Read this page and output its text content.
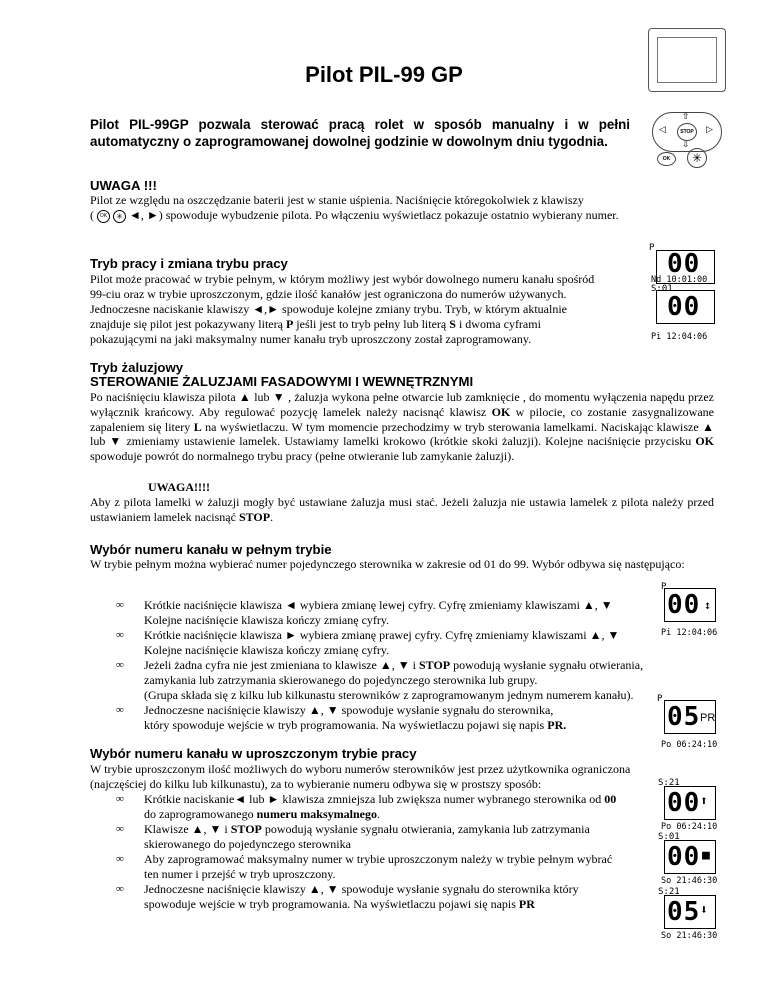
Pilot PIL-99 GP
⇧
⇩
◁	▷
STOP
OK	✳
Pilot PIL-99GP pozwala sterować pracą rolet w sposób manualny i w pełni automatyczny o zaprogramowanej dowolnej godzinie w dowolnym dniu tygodnia.
UWAGA !!!
Pilot ze względu na oszczędzanie baterii jest w stanie uśpienia. Naciśnięcie któregokolwiek z klawiszy
( OK ✳ ◄, ►) spowoduje wybudzenie pilota. Po włączeniu wyświetlacz pokazuje ostatnio wybierany numer.
Tryb pracy i zmiana trybu pracy
Pilot może pracować w trybie pełnym, w którym możliwy jest wybór dowolnego numeru kanału spośród
99-ciu oraz w trybie uproszczonym, gdzie ilość kanałów jest ograniczona do numerów używanych.
Jednoczesne naciskanie klawiszy ◄,► spowoduje kolejne zmiany trybu. Tryb, w którym aktualnie
znajduje się pilot jest pokazywany literą P jeśli jest to tryb pełny lub literą S i dwoma cyframi
pokazującymi na jaki maksymalny numer kanału tryb uproszczony został zaprogramowany.
P
00
Nd 10:01:00
S:01
00
Pi 12:04:06
Tryb żaluzjowy
STEROWANIE ŻALUZJAMI FASADOWYMI I WEWNĘTRZNYMI
Po naciśnięciu klawisza pilota ▲ lub ▼ , żaluzja wykona pełne otwarcie lub zamknięcie , do momentu wyłączenia napędu przez wyłącznik krańcowy. Aby regulować pozycję lamelek należy nacisnąć klawisz OK w pilocie, co zostanie zasygnalizowane zapaleniem się litery L na wyświetlaczu. W tym momencie przechodzimy w tryb sterowania lamelkami. Naciskając klawisze ▲ lub ▼ zmieniamy ustawienie lamelek. Ustawiamy lamelki krokowo (krótkie skoki żaluzji). Kolejne naciśnięcie przycisku OK spowoduje powrót do normalnego trybu pracy (pełne otwieranie lub zamykanie żaluzji).
UWAGA!!!!
Aby z pilota lamelki w żaluzji mogły być ustawiane żaluzja musi stać. Jeżeli żaluzja nie ustawia lamelek z pilota należy przed ustawianiem lamelek nacisnąć STOP.
Wybór numeru kanału w pełnym trybie
W trybie pełnym można wybierać numer pojedynczego sterownika w zakresie od 01 do 99. Wybór odbywa się następująco:
∞ Krótkie naciśnięcie klawisza ◄ wybiera zmianę lewej cyfry. Cyfrę zmieniamy klawiszami ▲, ▼
Kolejne naciśnięcie klawisza kończy zmianę cyfry.
∞ Krótkie naciśnięcie klawisza ► wybiera zmianę prawej cyfry. Cyfrę zmieniamy klawiszami ▲, ▼
Kolejne naciśnięcie klawisza kończy zmianę cyfry.
∞ Jeżeli żadna cyfra nie jest zmieniana to klawisze ▲, ▼ i STOP powodują wysłanie sygnału otwierania,
zamykania lub zatrzymania skierowanego do pojedynczego sterownika lub grupy.
(Grupa składa się z kilku lub kilkunastu sterowników z zaprogramowanym jednym numerem kanału).
∞ Jednoczesne naciśnięcie klawiszy ▲, ▼ spowoduje wysłanie sygnału do sterownika,
który spowoduje wejście w tryb programowania. Na wyświetlaczu pojawi się napis PR.
P
00 ↕
Pi 12:04:06
P
05 PR
Po 06:24:10
Wybór numeru kanału w uproszczonym trybie pracy
W trybie uproszczonym ilość możliwych do wyboru numerów sterowników jest przez użytkownika ograniczona
(najczęściej do kilku lub kilkunastu), za to wybieranie numeru odbywa się w prostszy sposób:
∞ Krótkie naciskanie◄ lub ► klawisza zmniejsza lub zwiększa numer wybranego sterownika od 00
do zaprogramowanego numeru maksymalnego.
∞ Klawisze ▲, ▼ i STOP powodują wysłanie sygnału otwierania, zamykania lub zatrzymania
skierowanego do pojedynczego sterownika
∞ Aby zaprogramować maksymalny numer w trybie uproszczonym należy w trybie pełnym wybrać
ten numer i przejść w tryb uproszczony.
∞ Jednoczesne naciśnięcie klawiszy ▲, ▼ spowoduje wysłanie sygnału do sterownika który
spowoduje wejście w tryb programowania. Na wyświetlaczu pojawi się napis PR
S:21
00 ⬆
Po 06:24:10
S:01
00 ■
So 21:46:30
S:21
05 ⬇
So 21:46:30
